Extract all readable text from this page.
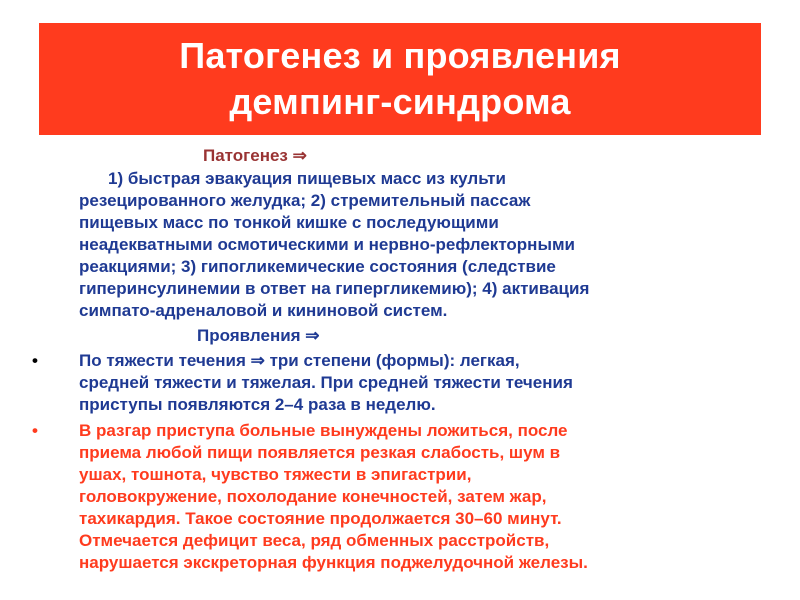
Патогенез и проявления
демпинг-синдрома
Патогенез ⇒
1) быстрая эвакуация пищевых масс из культи
резецированного желудка; 2) стремительный пассаж
пищевых масс по тонкой кишке с последующими
неадекватными осмотическими и нервно-рефлекторными
реакциями; 3) гипогликемические состояния (следствие
гиперинсулинемии в ответ на гипергликемию); 4) активация
симпато-адреналовой и кининовой систем.
Проявления ⇒
• По тяжести течения ⇒ три степени (формы): легкая,
средней тяжести и тяжелая. При средней тяжести течения
приступы появляются 2–4 раза в неделю.
• В разгар приступа больные вынуждены ложиться, после
приема любой пищи появляется резкая слабость, шум в
ушах, тошнота, чувство тяжести в эпигастрии,
головокружение, похолодание конечностей, затем жар,
тахикардия. Такое состояние продолжается 30–60 минут.
Отмечается дефицит веса, ряд обменных расстройств,
нарушается экскреторная функция поджелудочной железы.
